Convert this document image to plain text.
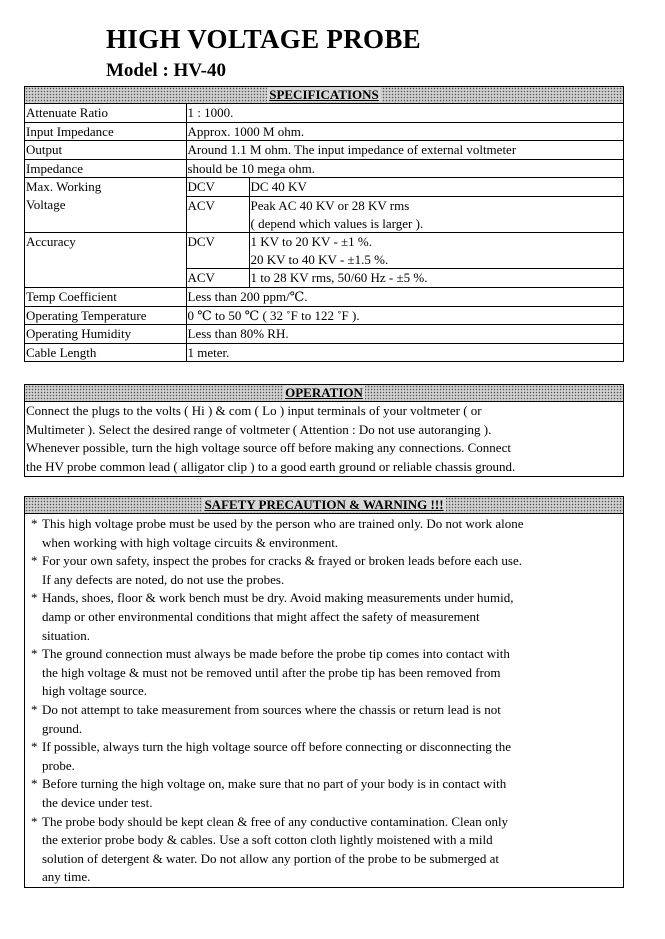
HIGH VOLTAGE PROBE
Model : HV-40
SPECIFICATIONS
Attenuate Ratio	1 : 1000.	
Input Impedance	Approx. 1000 M ohm.	
Output	Around 1.1 M ohm. The input impedance of external voltmeter	
Impedance	should be 10 mega ohm.	

Max. Working
Voltage	DCV	DC 40 KV
	ACV	Peak AC 40 KV or 28 KV rms
		( depend which values is larger ).
Accuracy	DCV	1 KV to 20 KV - ±1 %.
		20 KV to 40 KV - ±1.5 %.
	ACV	1 to 28 KV rms, 50/60 Hz - ±5 %.
Temp Coefficient	Less than 200 ppm/℃.	
Operating Temperature	0 ℃ to 50 ℃ ( 32 ˚F to 122 ˚F ).	
Operating Humidity	Less than 80% RH.	
Cable Length	1 meter.	
OPERATION
Connect the plugs to the volts ( Hi ) & com ( Lo ) input terminals of your voltmeter ( or
Multimeter ). Select the desired range of voltmeter ( Attention : Do not use autoranging ).
Whenever possible, turn the high voltage source off before making any connections. Connect
the HV probe common lead ( alligator clip ) to a good earth ground or reliable chassis ground.
SAFETY PRECAUTION & WARNING !!!
* This high voltage probe must be used by the person who are trained only. Do not work alone
when working with high voltage circuits & environment.
* For your own safety, inspect the probes for cracks & frayed or broken leads before each use.
If any defects are noted, do not use the probes.
* Hands, shoes, floor & work bench must be dry. Avoid making measurements under humid,
damp or other environmental conditions that might affect the safety of measurement
situation.
* The ground connection must always be made before the probe tip comes into contact with
the high voltage & must not be removed until after the probe tip has been removed from
high voltage source.
* Do not attempt to take measurement from sources where the chassis or return lead is not
ground.
* If possible, always turn the high voltage source off before connecting or disconnecting the
probe.
* Before turning the high voltage on, make sure that no part of your body is in contact with
the device under test.
* The probe body should be kept clean & free of any conductive contamination. Clean only
the exterior probe body & cables. Use a soft cotton cloth lightly moistened with a mild
solution of detergent & water. Do not allow any portion of the probe to be submerged at
any time.
